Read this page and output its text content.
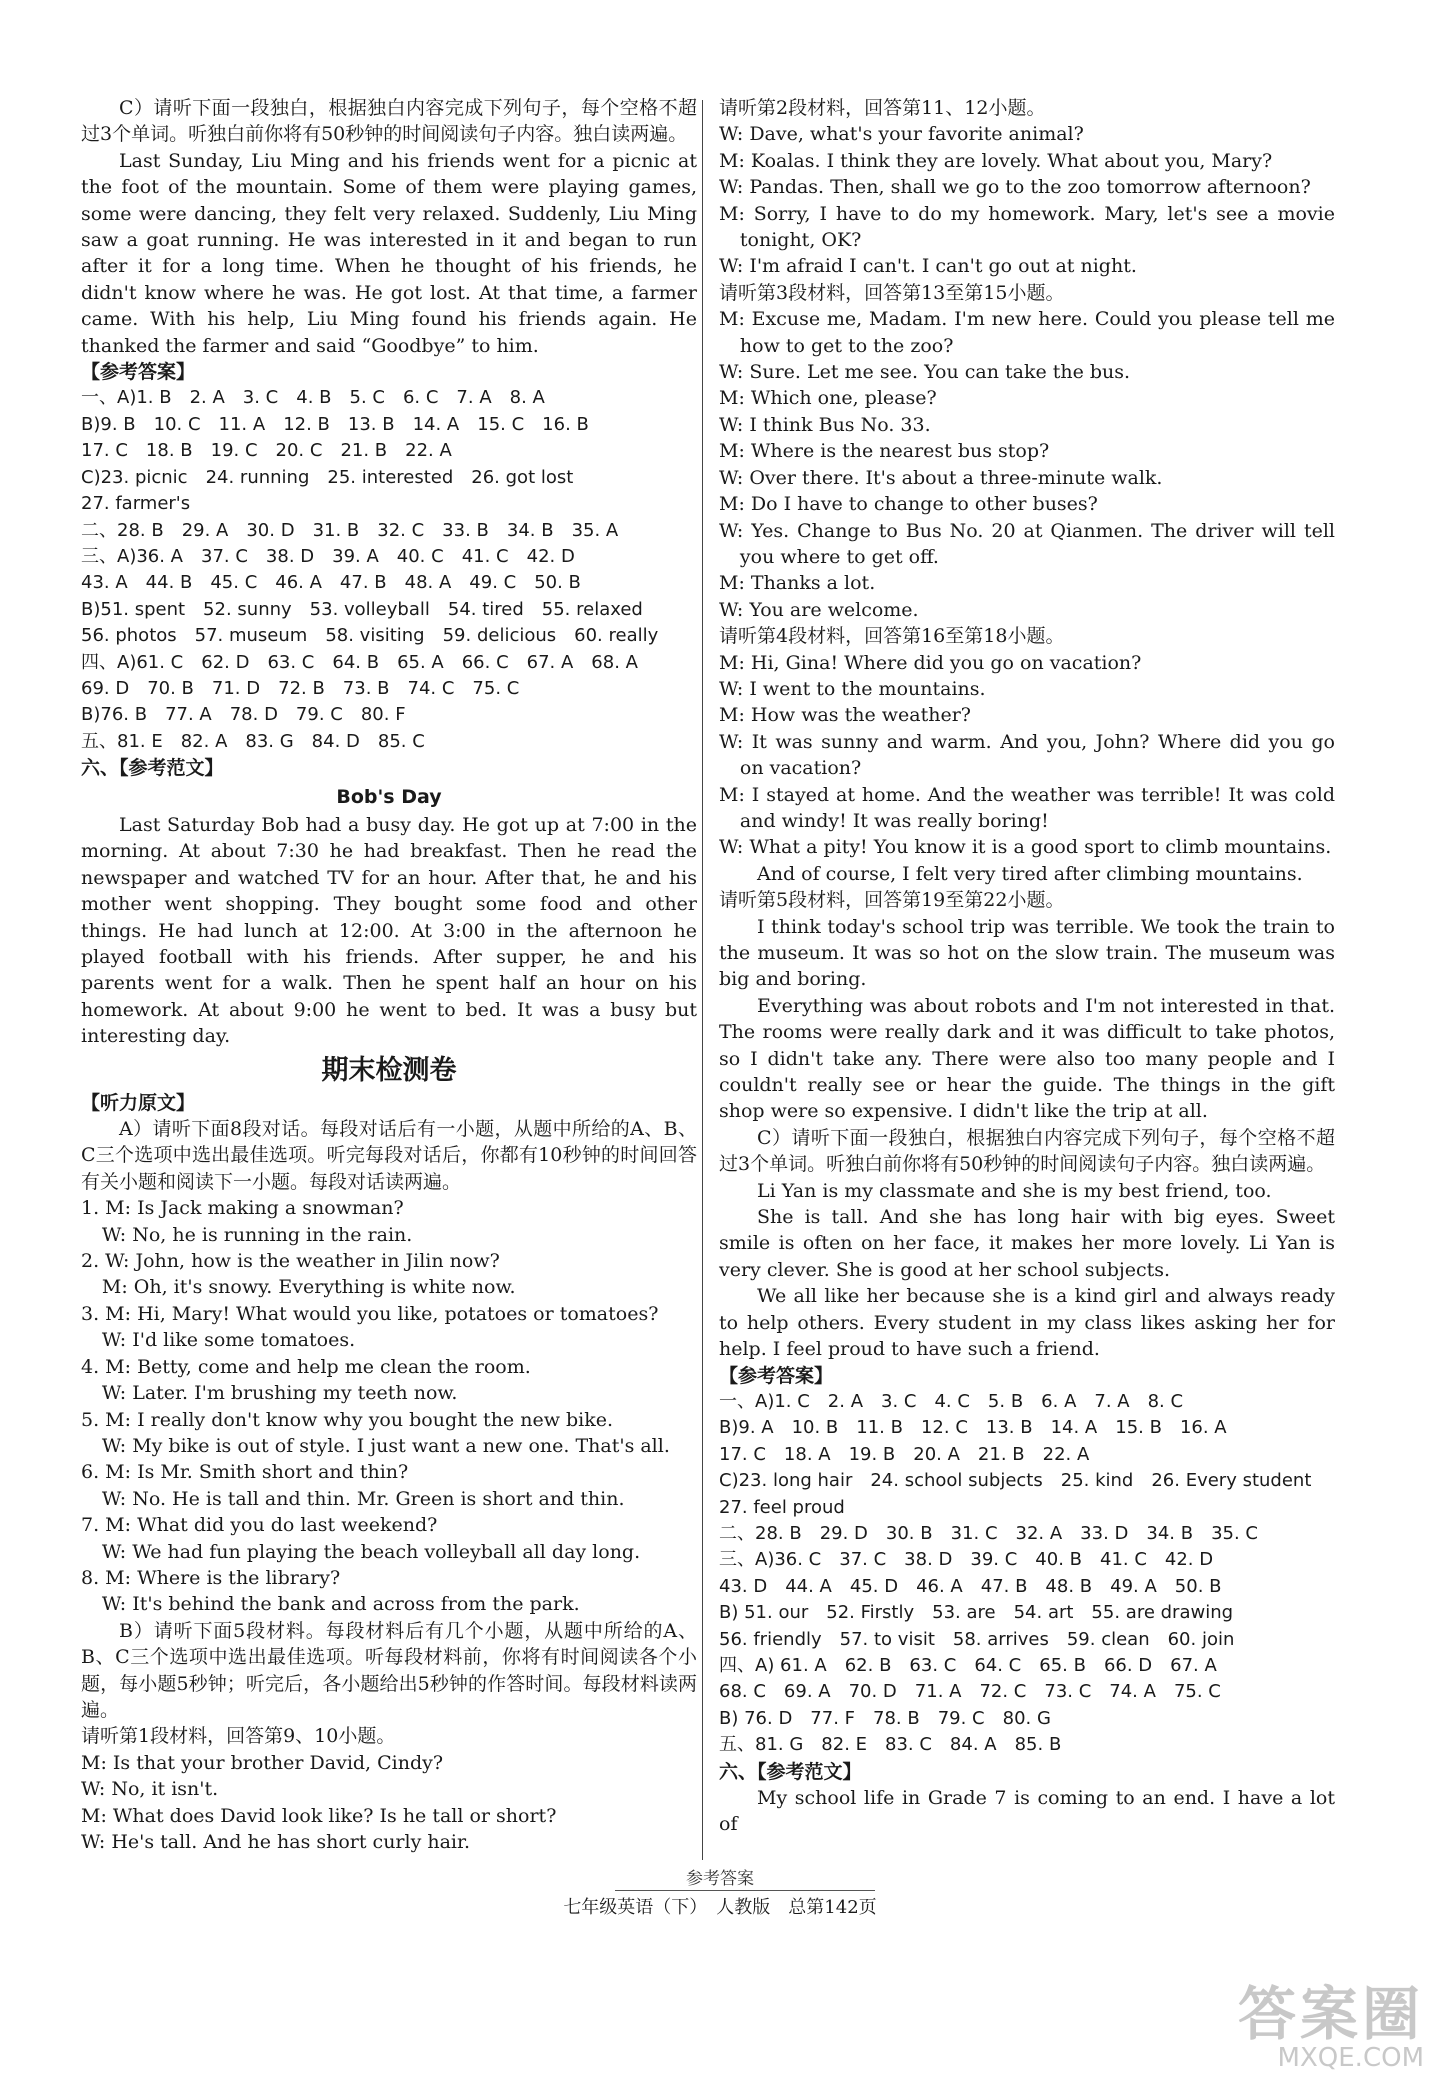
C）请听下面一段独白，根据独白内容完成下列句子，每个空格不超过3个单词。听独白前你将有50秒钟的时间阅读句子内容。独白读两遍。

Last Sunday, Liu Ming and his friends went for a picnic at the foot of the mountain. Some of them were playing games, some were dancing, they felt very relaxed. Suddenly, Liu Ming saw a goat running. He was interested in it and began to run after it for a long time. When he thought of his friends, he didn't know where he was. He got lost. At that time, a farmer came. With his help, Liu Ming found his friends again. He thanked the farmer and said “Goodbye” to him.

【参考答案】

一、A)1. B　2. A　3. C　4. B　5. C　6. C　7. A　8. A

B)9. B　10. C　11. A　12. B　13. B　14. A　15. C　16. B

17. C　18. B　19. C　20. C　21. B　22. A

C)23. picnic　24. running　25. interested　26. got lost

27. farmer's

二、28. B　29. A　30. D　31. B　32. C　33. B　34. B　35. A

三、A)36. A　37. C　38. D　39. A　40. C　41. C　42. D

43. A　44. B　45. C　46. A　47. B　48. A　49. C　50. B

B)51. spent　52. sunny　53. volleyball　54. tired　55. relaxed

56. photos　57. museum　58. visiting　59. delicious　60. really

四、A)61. C　62. D　63. C　64. B　65. A　66. C　67. A　68. A

69. D　70. B　71. D　72. B　73. B　74. C　75. C

B)76. B　77. A　78. D　79. C　80. F

五、81. E　82. A　83. G　84. D　85. C

六、【参考范文】

Bob's Day

Last Saturday Bob had a busy day. He got up at 7:00 in the morning. At about 7:30 he had breakfast. Then he read the newspaper and watched TV for an hour. After that, he and his mother went shopping. They bought some food and other things. He had lunch at 12:00. At 3:00 in the afternoon he played football with his friends. After supper, he and his parents went for a walk. Then he spent half an hour on his homework. At about 9:00 he went to bed. It was a busy but interesting day.

期末检测卷

【听力原文】

A）请听下面8段对话。每段对话后有一小题，从题中所给的A、B、C三个选项中选出最佳选项。听完每段对话后，你都有10秒钟的时间回答有关小题和阅读下一小题。每段对话读两遍。

1. M: Is Jack making a snowman?

W: No, he is running in the rain.

2. W: John, how is the weather in Jilin now?

M: Oh, it's snowy. Everything is white now.

3. M: Hi, Mary! What would you like, potatoes or tomatoes?

W: I'd like some tomatoes.

4. M: Betty, come and help me clean the room.

W: Later. I'm brushing my teeth now.

5. M: I really don't know why you bought the new bike.

W: My bike is out of style. I just want a new one. That's all.

6. M: Is Mr. Smith short and thin?

W: No. He is tall and thin. Mr. Green is short and thin.

7. M: What did you do last weekend?

W: We had fun playing the beach volleyball all day long.

8. M: Where is the library?

W: It's behind the bank and across from the park.

B）请听下面5段材料。每段材料后有几个小题，从题中所给的A、B、C三个选项中选出最佳选项。听每段材料前，你将有时间阅读各个小题，每小题5秒钟；听完后，各小题给出5秒钟的作答时间。每段材料读两遍。

请听第1段材料，回答第9、10小题。

M: Is that your brother David, Cindy?

W: No, it isn't.

M: What does David look like? Is he tall or short?

W: He's tall. And he has short curly hair.

请听第2段材料，回答第11、12小题。

W: Dave, what's your favorite animal?

M: Koalas. I think they are lovely. What about you, Mary?

W: Pandas. Then, shall we go to the zoo tomorrow afternoon?

M: Sorry, I have to do my homework. Mary, let's see a movie tonight, OK?

W: I'm afraid I can't. I can't go out at night.

请听第3段材料，回答第13至第15小题。

M: Excuse me, Madam. I'm new here. Could you please tell me how to get to the zoo?

W: Sure. Let me see. You can take the bus.

M: Which one, please?

W: I think Bus No. 33.

M: Where is the nearest bus stop?

W: Over there. It's about a three-minute walk.

M: Do I have to change to other buses?

W: Yes. Change to Bus No. 20 at Qianmen. The driver will tell you where to get off.

M: Thanks a lot.

W: You are welcome.

请听第4段材料，回答第16至第18小题。

M: Hi, Gina! Where did you go on vacation?

W: I went to the mountains.

M: How was the weather?

W: It was sunny and warm. And you, John? Where did you go on vacation?

M: I stayed at home. And the weather was terrible! It was cold and windy! It was really boring!

W: What a pity! You know it is a good sport to climb mountains.

And of course, I felt very tired after climbing mountains.

请听第5段材料，回答第19至第22小题。

I think today's school trip was terrible. We took the train to the museum. It was so hot on the slow train. The museum was big and boring.

Everything was about robots and I'm not interested in that. The rooms were really dark and it was difficult to take photos, so I didn't take any. There were also too many people and I couldn't really see or hear the guide. The things in the gift shop were so expensive. I didn't like the trip at all.

C）请听下面一段独白，根据独白内容完成下列句子，每个空格不超过3个单词。听独白前你将有50秒钟的时间阅读句子内容。独白读两遍。

Li Yan is my classmate and she is my best friend, too.

She is tall. And she has long hair with big eyes. Sweet smile is often on her face, it makes her more lovely. Li Yan is very clever. She is good at her school subjects.

We all like her because she is a kind girl and always ready to help others. Every student in my class likes asking her for help. I feel proud to have such a friend.

【参考答案】

一、A)1. C　2. A　3. C　4. C　5. B　6. A　7. A　8. C

B)9. A　10. B　11. B　12. C　13. B　14. A　15. B　16. A

17. C　18. A　19. B　20. A　21. B　22. A

C)23. long hair　24. school subjects　25. kind　26. Every student

27. feel proud

二、28. B　29. D　30. B　31. C　32. A　33. D　34. B　35. C

三、A)36. C　37. C　38. D　39. C　40. B　41. C　42. D

43. D　44. A　45. D　46. A　47. B　48. B　49. A　50. B

B) 51. our　52. Firstly　53. are　54. art　55. are drawing

56. friendly　57. to visit　58. arrives　59. clean　60. join

四、A) 61. A　62. B　63. C　64. C　65. B　66. D　67. A

68. C　69. A　70. D　71. A　72. C　73. C　74. A　75. C

B) 76. D　77. F　78. B　79. C　80. G

五、81. G　82. E　83. C　84. A　85. B

六、【参考范文】

My school life in Grade 7 is coming to an end. I have a lot of

参考答案
七年级英语（下）　人教版　总第142页
答案圈
MXQE.COM
